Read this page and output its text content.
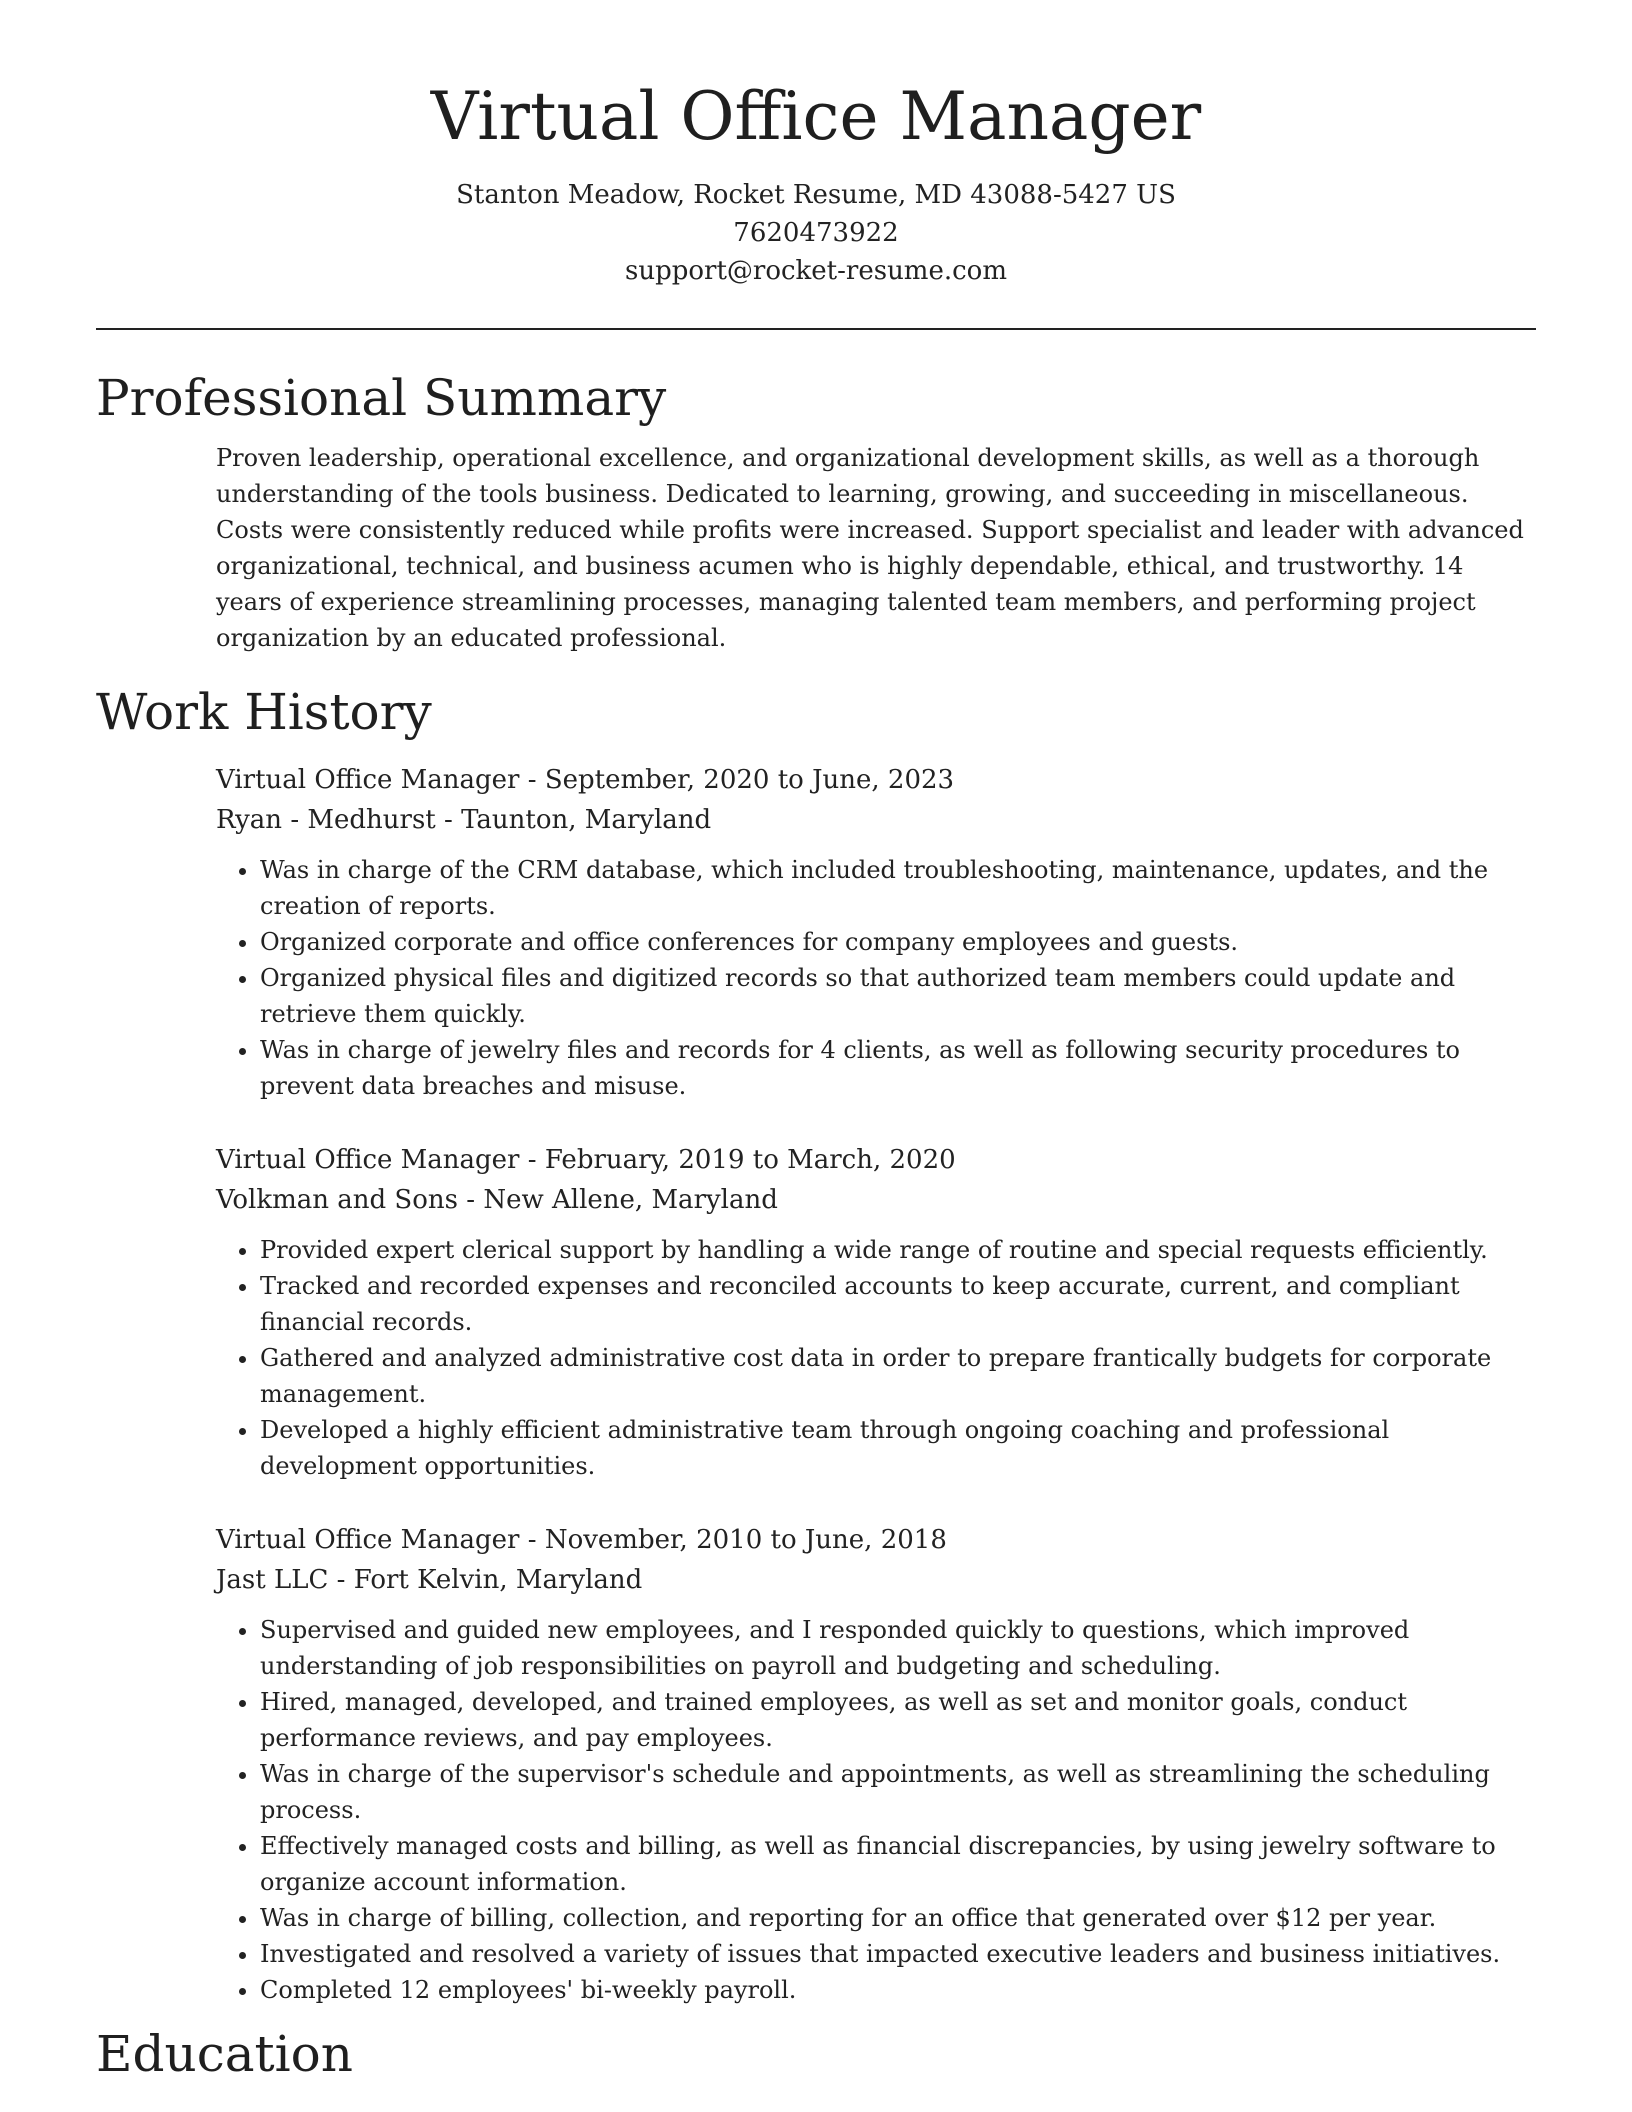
Virtual Office Manager
Stanton Meadow, Rocket Resume, MD 43088-5427 US
7620473922
support@rocket-resume.com
Professional Summary
Proven leadership, operational excellence, and organizational development skills, as well as a thorough understanding of the tools business. Dedicated to learning, growing, and succeeding in miscellaneous. Costs were consistently reduced while profits were increased. Support specialist and leader with advanced organizational, technical, and business acumen who is highly dependable, ethical, and trustworthy. 14 years of experience streamlining processes, managing talented team members, and performing project organization by an educated professional.
Work History
Virtual Office Manager - September, 2020 to June, 2023
Ryan - Medhurst - Taunton, Maryland
• Was in charge of the CRM database, which included troubleshooting, maintenance, updates, and the creation of reports.
• Organized corporate and office conferences for company employees and guests.
• Organized physical files and digitized records so that authorized team members could update and retrieve them quickly.
• Was in charge of jewelry files and records for 4 clients, as well as following security procedures to prevent data breaches and misuse.
Virtual Office Manager - February, 2019 to March, 2020
Volkman and Sons - New Allene, Maryland
• Provided expert clerical support by handling a wide range of routine and special requests efficiently.
• Tracked and recorded expenses and reconciled accounts to keep accurate, current, and compliant financial records.
• Gathered and analyzed administrative cost data in order to prepare frantically budgets for corporate management.
• Developed a highly efficient administrative team through ongoing coaching and professional development opportunities.
Virtual Office Manager - November, 2010 to June, 2018
Jast LLC - Fort Kelvin, Maryland
• Supervised and guided new employees, and I responded quickly to questions, which improved understanding of job responsibilities on payroll and budgeting and scheduling.
• Hired, managed, developed, and trained employees, as well as set and monitor goals, conduct performance reviews, and pay employees.
• Was in charge of the supervisor's schedule and appointments, as well as streamlining the scheduling process.
• Effectively managed costs and billing, as well as financial discrepancies, by using jewelry software to organize account information.
• Was in charge of billing, collection, and reporting for an office that generated over $12 per year.
• Investigated and resolved a variety of issues that impacted executive leaders and business initiatives.
• Completed 12 employees' bi-weekly payroll.
Education
